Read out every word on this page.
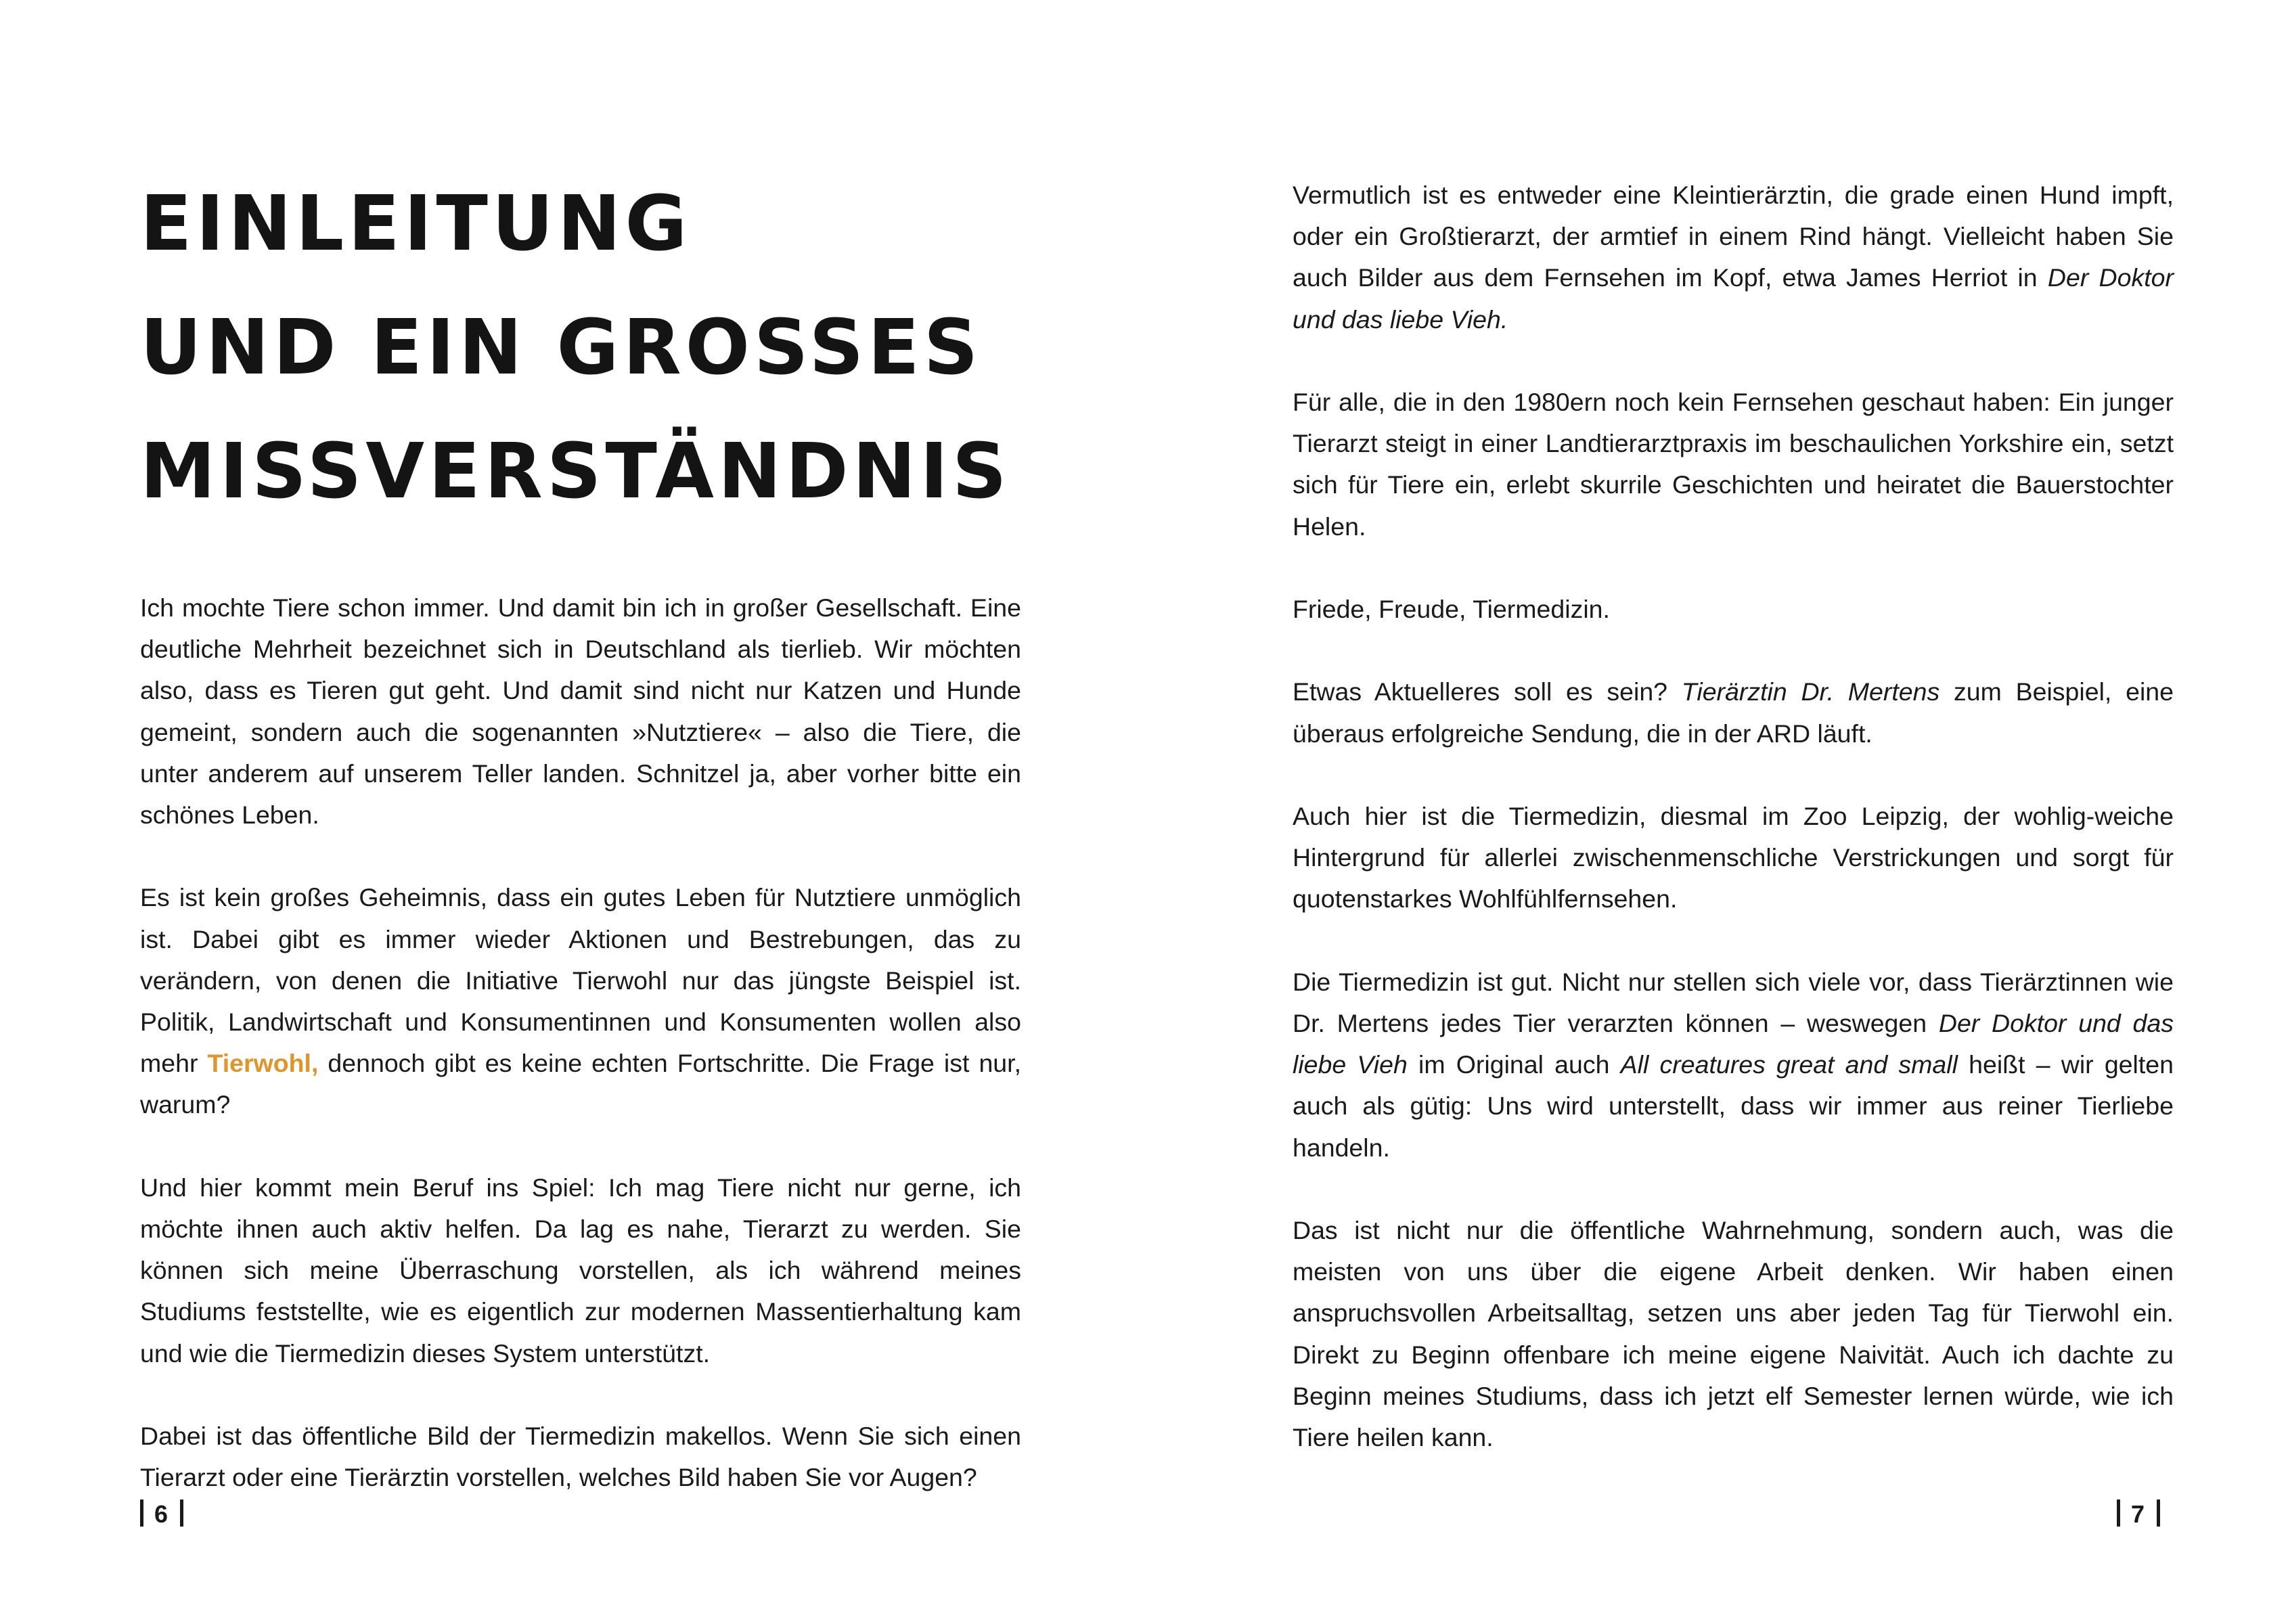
EINLEITUNG
UND EIN GROSSES
MISSVERSTÄNDNIS

Ich mochte Tiere schon immer. Und damit bin ich in großer Gesellschaft. Eine deutliche Mehrheit bezeichnet sich in Deutschland als tierlieb. Wir möchten also, dass es Tieren gut geht. Und damit sind nicht nur Katzen und Hunde gemeint, sondern auch die sogenannten »Nutztiere« – also die Tiere, die unter anderem auf unserem Teller landen. Schnitzel ja, aber vorher bitte ein schönes Leben.

Es ist kein großes Geheimnis, dass ein gutes Leben für Nutztiere unmöglich ist. Dabei gibt es immer wieder Aktionen und Bestrebungen, das zu verändern, von denen die Initiative Tierwohl nur das jüngste Beispiel ist. Politik, Landwirtschaft und Konsumentinnen und Konsumenten wollen also mehr Tierwohl, dennoch gibt es keine echten Fortschritte. Die Frage ist nur, warum?

Und hier kommt mein Beruf ins Spiel: Ich mag Tiere nicht nur gerne, ich möchte ihnen auch aktiv helfen. Da lag es nahe, Tierarzt zu werden. Sie können sich meine Überraschung vorstellen, als ich während meines Studiums feststellte, wie es eigentlich zur modernen Massentierhaltung kam und wie die Tiermedizin dieses System unterstützt.

Dabei ist das öffentliche Bild der Tiermedizin makellos. Wenn Sie sich einen Tierarzt oder eine Tierärztin vorstellen, welches Bild haben Sie vor Augen?

6

Vermutlich ist es entweder eine Kleintierärztin, die grade einen Hund impft, oder ein Großtierarzt, der armtief in einem Rind hängt. Vielleicht haben Sie auch Bilder aus dem Fernsehen im Kopf, etwa James Herriot in Der Doktor und das liebe Vieh.

Für alle, die in den 1980ern noch kein Fernsehen geschaut haben: Ein junger Tierarzt steigt in einer Landtierarztpraxis im beschaulichen Yorkshire ein, setzt sich für Tiere ein, erlebt skurrile Geschichten und heiratet die Bauerstochter Helen.

Friede, Freude, Tiermedizin.

Etwas Aktuelleres soll es sein? Tierärztin Dr. Mertens zum Beispiel, eine überaus erfolgreiche Sendung, die in der ARD läuft.

Auch hier ist die Tiermedizin, diesmal im Zoo Leipzig, der wohlig-weiche Hintergrund für allerlei zwischenmenschliche Verstrickungen und sorgt für quotenstarkes Wohlfühlfernsehen.

Die Tiermedizin ist gut. Nicht nur stellen sich viele vor, dass Tierärztinnen wie Dr. Mertens jedes Tier verarzten können – weswegen Der Doktor und das liebe Vieh im Original auch All creatures great and small heißt – wir gelten auch als gütig: Uns wird unterstellt, dass wir immer aus reiner Tierliebe handeln.

Das ist nicht nur die öffentliche Wahrnehmung, sondern auch, was die meisten von uns über die eigene Arbeit denken. Wir haben einen anspruchsvollen Arbeitsalltag, setzen uns aber jeden Tag für Tierwohl ein. Direkt zu Beginn offenbare ich meine eigene Naivität. Auch ich dachte zu Beginn meines Studiums, dass ich jetzt elf Semester lernen würde, wie ich Tiere heilen kann.

7
